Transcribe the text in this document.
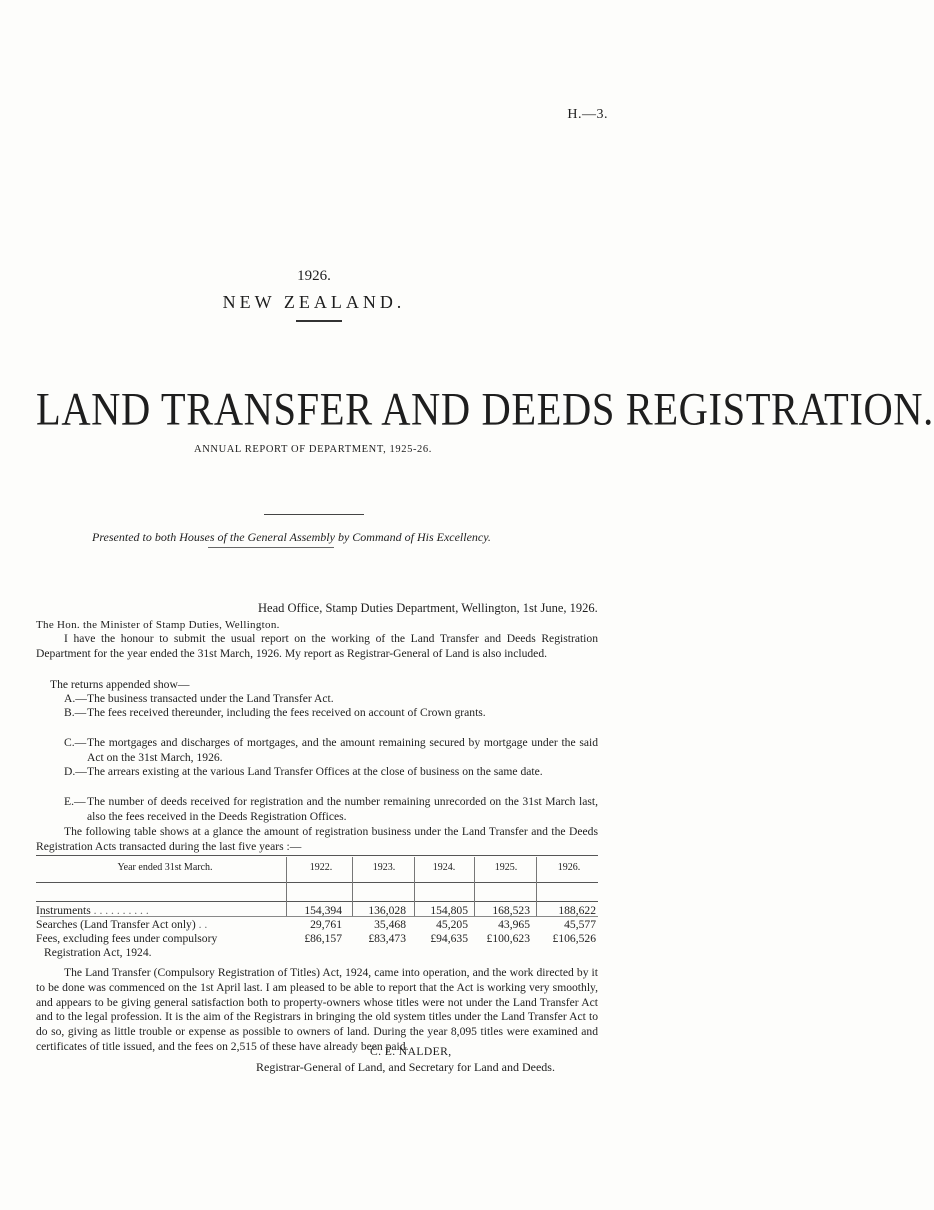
H.—3.
1926.
NEW ZEALAND.
LAND TRANSFER AND DEEDS REGISTRATION.
ANNUAL REPORT OF DEPARTMENT, 1925-26.
Presented to both Houses of the General Assembly by Command of His Excellency.
Head Office, Stamp Duties Department, Wellington, 1st June, 1926.
The Hon. the Minister of Stamp Duties, Wellington.
I have the honour to submit the usual report on the working of the Land Transfer and Deeds Registration Department for the year ended the 31st March, 1926. My report as Registrar-General of Land is also included.
The returns appended show—
A.— The business transacted under the Land Transfer Act.
B.— The fees received thereunder, including the fees received on account of Crown grants.
C.— The mortgages and discharges of mortgages, and the amount remaining secured by mortgage under the said Act on the 31st March, 1926.
D.— The arrears existing at the various Land Transfer Offices at the close of business on the same date.
E.— The number of deeds received for registration and the number remaining unrecorded on the 31st March last, also the fees received in the Deeds Registration Offices.
The following table shows at a glance the amount of registration business under the Land Transfer and the Deeds Registration Acts transacted during the last five years :—
Year ended 31st March.	1922.	1923.	1924.	1925.	1926.
Instruments . . . . . . . . . .	154,394	136,028	154,805	168,523	188,622
Searches (Land Transfer Act only) . .	29,761	35,468	45,205	43,965	45,577
Fees, excluding fees under compulsory	£86,157	£83,473	£94,635	£100,623	£106,526
Registration Act, 1924.
The Land Transfer (Compulsory Registration of Titles) Act, 1924, came into operation, and the work directed by it to be done was commenced on the 1st April last. I am pleased to be able to report that the Act is working very smoothly, and appears to be giving general satisfaction both to property-owners whose titles were not under the Land Transfer Act and to the legal profession. It is the aim of the Registrars in bringing the old system titles under the Land Transfer Act to do so, giving as little trouble or expense as possible to owners of land. During the year 8,095 titles were examined and certificates of title issued, and the fees on 2,515 of these have already been paid.
C. E. NALDER,
Registrar-General of Land, and Secretary for Land and Deeds.
